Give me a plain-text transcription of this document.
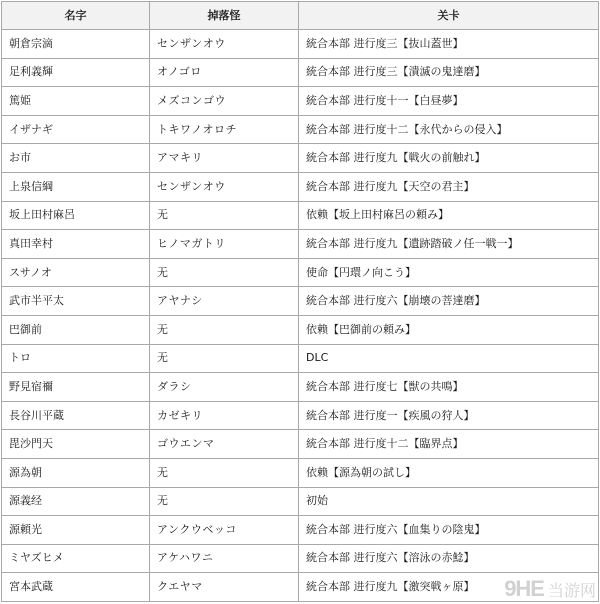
名字	掉落怪	关卡
朝倉宗滴	センザンオウ	統合本部 进行度三【抜山蓋世】
足利義輝	オノゴロ	統合本部 进行度三【潰滅の鬼達磨】
篤姫	メズコンゴウ	統合本部 进行度十一【白昼夢】
イザナギ	トキワノオロチ	統合本部 进行度十二【永代からの侵入】
お市	アマキリ	統合本部 进行度九【戦火の前触れ】
上泉信綱	センザンオウ	統合本部 进行度九【天空の君主】
坂上田村麻呂	无	依赖【坂上田村麻呂の頼み】
真田幸村	ヒノマガトリ	統合本部 进行度九【遺跡踏破ノ任一戦一】
スサノオ	无	使命【円環ノ向こう】
武市半平太	アヤナシ	統合本部 进行度六【崩壊の菩達磨】
巴御前	无	依赖【巴御前の頼み】
トロ	无	DLC
野見宿禰	ダラシ	統合本部 进行度七【獣の共鳴】
長谷川平蔵	カゼキリ	統合本部 进行度一【疾風の狩人】
毘沙門天	ゴウエンマ	統合本部 进行度十二【臨界点】
源為朝	无	依赖【源為朝の試し】
源義经	无	初始
源頼光	アンクウベッコ	統合本部 进行度六【血集りの陰鬼】
ミヤズヒメ	アケハワニ	統合本部 进行度六【溶泳の赤鯰】
宮本武蔵	クエヤマ	統合本部 进行度九【激突戦ヶ原】 9HE 当游网
